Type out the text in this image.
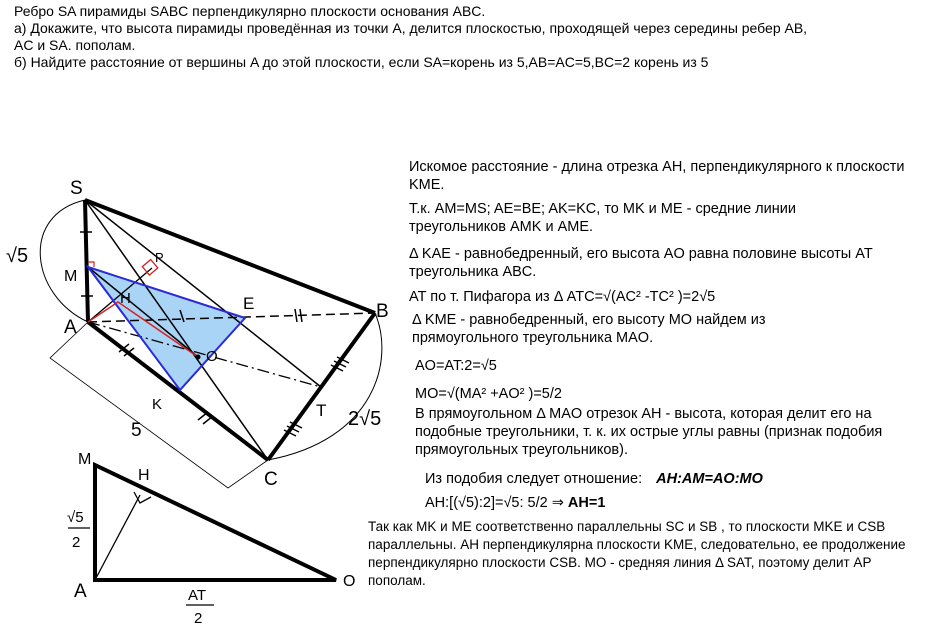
Ребро SA пирамиды SABC перпендикулярно плоскости основания ABC.
а) Докажите, что высота пирамиды проведённая из точки A, делится плоскостью, проходящей через середины ребер AB,
AC и SA. пополам.
б) Найдите расстояние от вершины A до этой плоскости, если SA=корень из 5,AB=AC=5,BC=2 корень из 5
Искомое расстояние - длина отрезка AH, перпендикулярного к плоскости KME.
Т.к. AM=MS; AE=BE; AK=KC, то MK и ME - средние линии треугольников AMK и AME.
Δ KAE - равнобедренный, его высота AO равна половине высоты AT треугольника ABC.
AT по т. Пифагора из Δ ATC=√(AC² -TC² )=2√5
Δ KME - равнобедренный, его высоту MO найдем из прямоугольного треугольника MAO.
AO=AT:2=√5
MO=√(MA² +AO² )=5/2
В прямоугольном Δ MAO отрезок AH - высота, которая делит его на подобные треугольники, т. к. их острые углы равны (признак подобия прямоугольных треугольников).
Из подобия следует отношение: AH:AM=AO:MO
AH:[(√5):2]=√5: 5/2 ⇒ AH=1
Так как MK и ME соответственно параллельны SC и SB , то плоскости MKE и CSB параллельны. AH перпендикулярна плоскости KME, следовательно, ее продолжение перпендикулярно плоскости CSB. MO - средняя линия Δ SAT, поэтому делит AP пополам.
S
M
P
H	E	B
A
O
K	T
C
√5
5
2√5
M
H
A	O
√5
2
AT
2
